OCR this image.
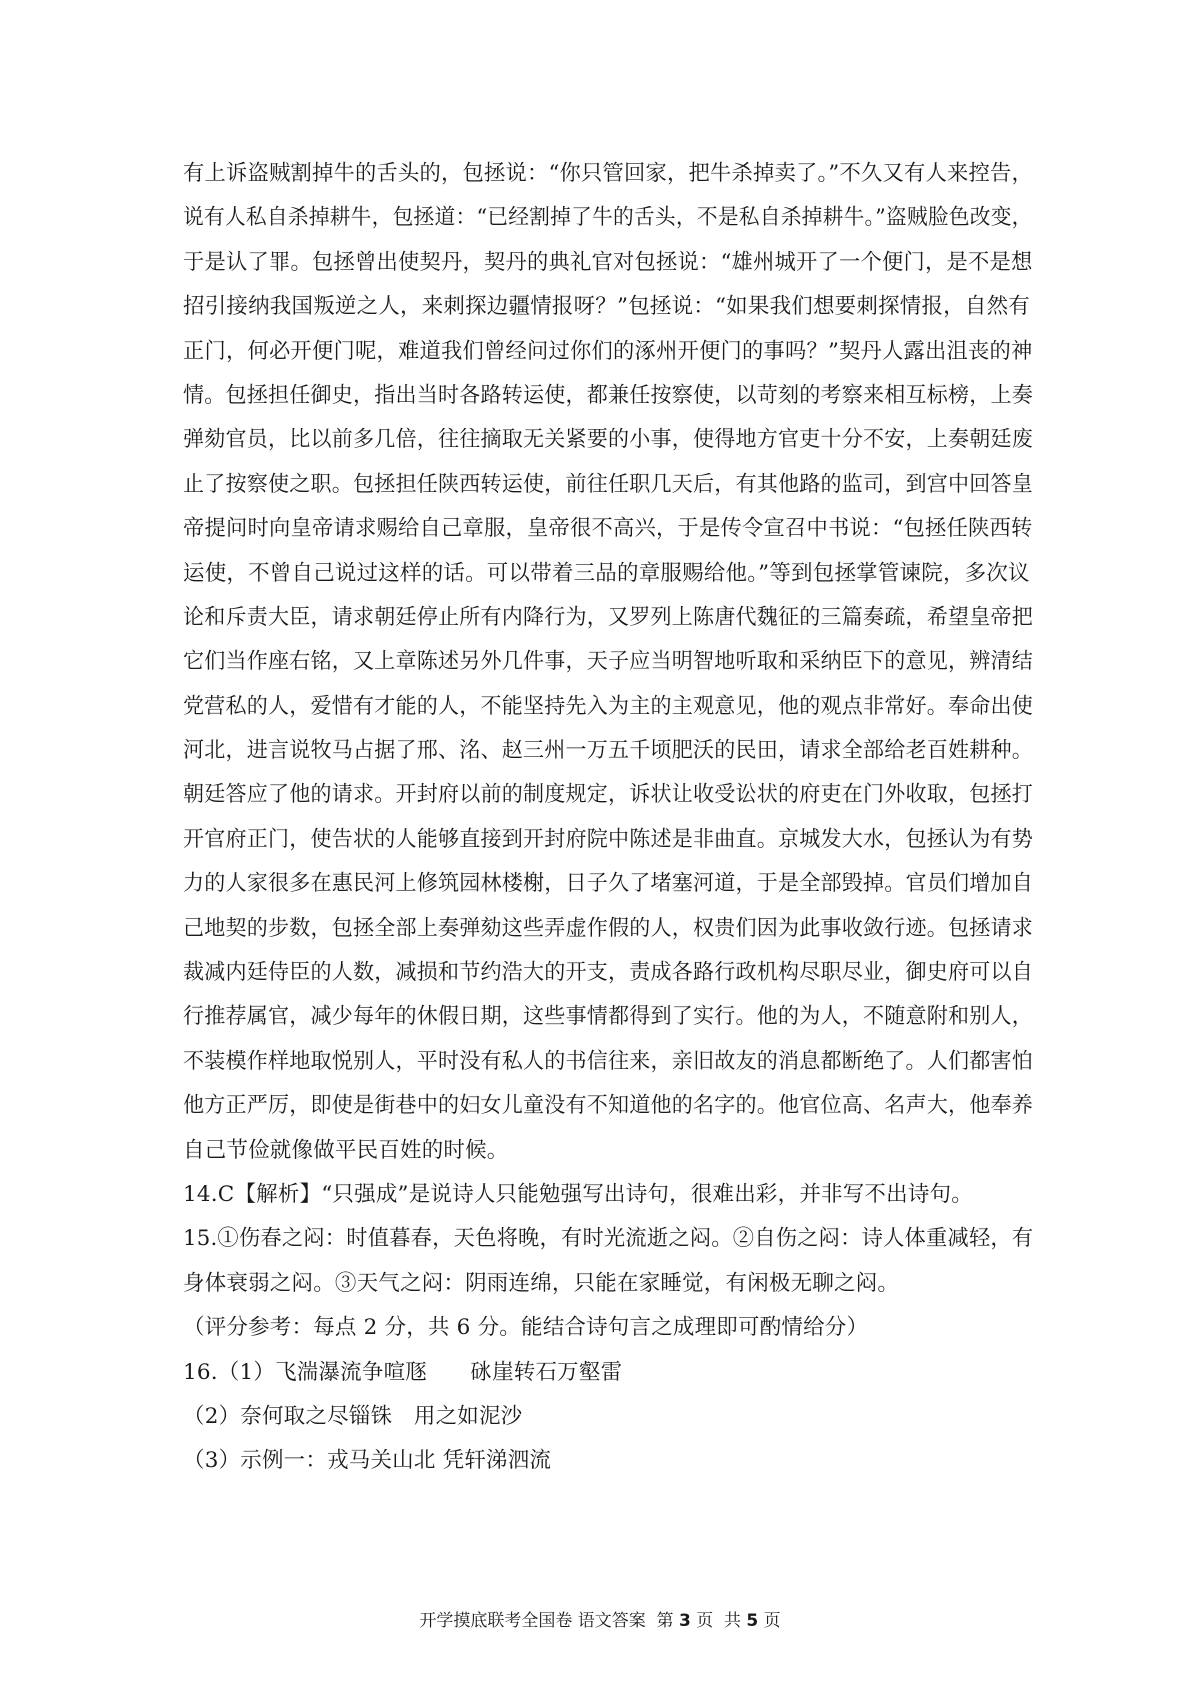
有上诉盗贼割掉牛的舌头的，包拯说：“你只管回家，把牛杀掉卖了。”不久又有人来控告，
说有人私自杀掉耕牛，包拯道：“已经割掉了牛的舌头，不是私自杀掉耕牛。”盗贼脸色改变，
于是认了罪。包拯曾出使契丹，契丹的典礼官对包拯说：“雄州城开了一个便门，是不是想
招引接纳我国叛逆之人，来刺探边疆情报呀？”包拯说：“如果我们想要刺探情报，自然有
正门，何必开便门呢，难道我们曾经问过你们的涿州开便门的事吗？”契丹人露出沮丧的神
情。包拯担任御史，指出当时各路转运使，都兼任按察使，以苛刻的考察来相互标榜，上奏
弹劾官员，比以前多几倍，往往摘取无关紧要的小事，使得地方官吏十分不安，上奏朝廷废
止了按察使之职。包拯担任陕西转运使，前往任职几天后，有其他路的监司，到宫中回答皇
帝提问时向皇帝请求赐给自己章服，皇帝很不高兴，于是传令宣召中书说：“包拯任陕西转
运使，不曾自己说过这样的话。可以带着三品的章服赐给他。”等到包拯掌管谏院，多次议
论和斥责大臣，请求朝廷停止所有内降行为，又罗列上陈唐代魏征的三篇奏疏，希望皇帝把
它们当作座右铭，又上章陈述另外几件事，天子应当明智地听取和采纳臣下的意见，辨清结
党营私的人，爱惜有才能的人，不能坚持先入为主的主观意见，他的观点非常好。奉命出使
河北，进言说牧马占据了邢、洺、赵三州一万五千顷肥沃的民田，请求全部给老百姓耕种。
朝廷答应了他的请求。开封府以前的制度规定，诉状让收受讼状的府吏在门外收取，包拯打
开官府正门，使告状的人能够直接到开封府院中陈述是非曲直。京城发大水，包拯认为有势
力的人家很多在惠民河上修筑园林楼榭，日子久了堵塞河道，于是全部毁掉。官员们增加自
己地契的步数，包拯全部上奏弹劾这些弄虚作假的人，权贵们因为此事收敛行迹。包拯请求
裁减内廷侍臣的人数，减损和节约浩大的开支，责成各路行政机构尽职尽业，御史府可以自
行推荐属官，减少每年的休假日期，这些事情都得到了实行。他的为人，不随意附和别人，
不装模作样地取悦别人，平时没有私人的书信往来，亲旧故友的消息都断绝了。人们都害怕
他方正严厉，即使是街巷中的妇女儿童没有不知道他的名字的。他官位高、名声大，他奉养
自己节俭就像做平民百姓的时候。
14.C【解析】“只强成”是说诗人只能勉强写出诗句，很难出彩，并非写不出诗句。
15.①伤春之闷：时值暮春，天色将晚，有时光流逝之闷。②自伤之闷：诗人体重减轻，有
身体衰弱之闷。③天气之闷：阴雨连绵，只能在家睡觉，有闲极无聊之闷。
（评分参考：每点 2 分，共 6 分。能结合诗句言之成理即可酌情给分）
16.（1）飞湍瀑流争喧豗　　砯崖转石万壑雷
（2）奈何取之尽锱铢　用之如泥沙
（3）示例一：戎马关山北 凭轩涕泗流
开学摸底联考全国卷 语文答案 第 3 页 共 5 页
